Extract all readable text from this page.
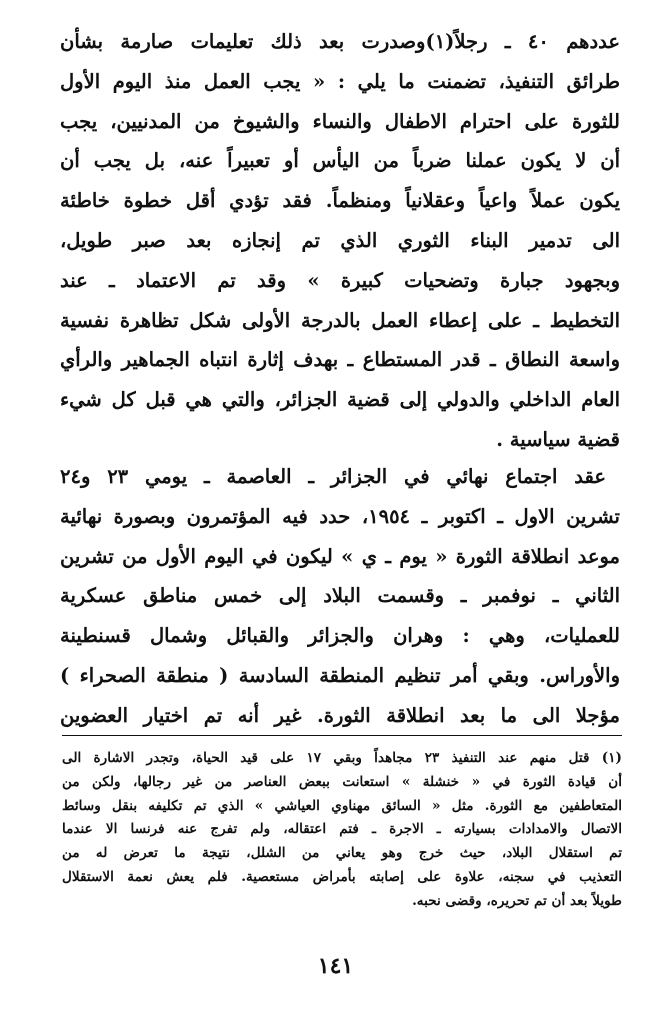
عددهم ٤٠ ـ رجلاً(١)وصدرت بعد ذلك تعليمات صارمة بشأن
طرائق التنفيذ، تضمنت ما يلي : « يجب العمل منذ اليوم الأول
للثورة على احترام الاطفال والنساء والشيوخ من المدنيين، يجب
أن لا يكون عملنا ضرباً من اليأس أو تعبيراً عنه، بل يجب أن
يكون عملاً واعياً وعقلانياً ومنظماً. فقد تؤدي أقل خطوة خاطئة
الى تدمير البناء الثوري الذي تم إنجازه بعد صبر طويل،
وبجهود جبارة وتضحيات كبيرة » وقد تم الاعتماد ـ عند
التخطيط ـ على إعطاء العمل بالدرجة الأولى شكل تظاهرة نفسية
واسعة النطاق ـ قدر المستطاع ـ بهدف إثارة انتباه الجماهير والرأي
العام الداخلي والدولي إلى قضية الجزائر، والتي هي قبل كل شيء
قضية سياسية .
عقد اجتماع نهائي في الجزائر ـ العاصمة ـ يومي ٢٣ و٢٤
تشرين الاول ـ اكتوبر ـ ١٩٥٤، حدد فيه المؤتمرون وبصورة نهائية
موعد انطلاقة الثورة « يوم ـ ي » ليكون في اليوم الأول من تشرين
الثاني ـ نوفمبر ـ وقسمت البلاد إلى خمس مناطق عسكرية
للعمليات، وهي : وهران والجزائر والقبائل وشمال قسنطينة
والأوراس. وبقي أمر تنظيم المنطقة السادسة ( منطقة الصحراء )
مؤجلا الى ما بعد انطلاقة الثورة. غير أنه تم اختيار العضوين
(١) قتل منهم عند التنفيذ ٢٣ مجاهداً وبقي ١٧ على قيد الحياة، وتجدر الاشارة الى
أن قيادة الثورة في « خنشلة » استعانت ببعض العناصر من غير رجالها، ولكن من
المتعاطفين مع الثورة. مثل « السائق مهناوي العياشي » الذي تم تكليفه بنقل وسائط
الاتصال والامدادات بسيارته ـ الاجرة ـ فتم اعتقاله، ولم تفرج عنه فرنسا الا عندما
تم استقلال البلاد، حيث خرج وهو يعاني من الشلل، نتيجة ما تعرض له من
التعذيب في سجنه، علاوة على إصابته بأمراض مستعصية. فلم يعش نعمة الاستقلال
طويلاً بعد أن تم تحريره، وقضى نحبه.
١٤١
